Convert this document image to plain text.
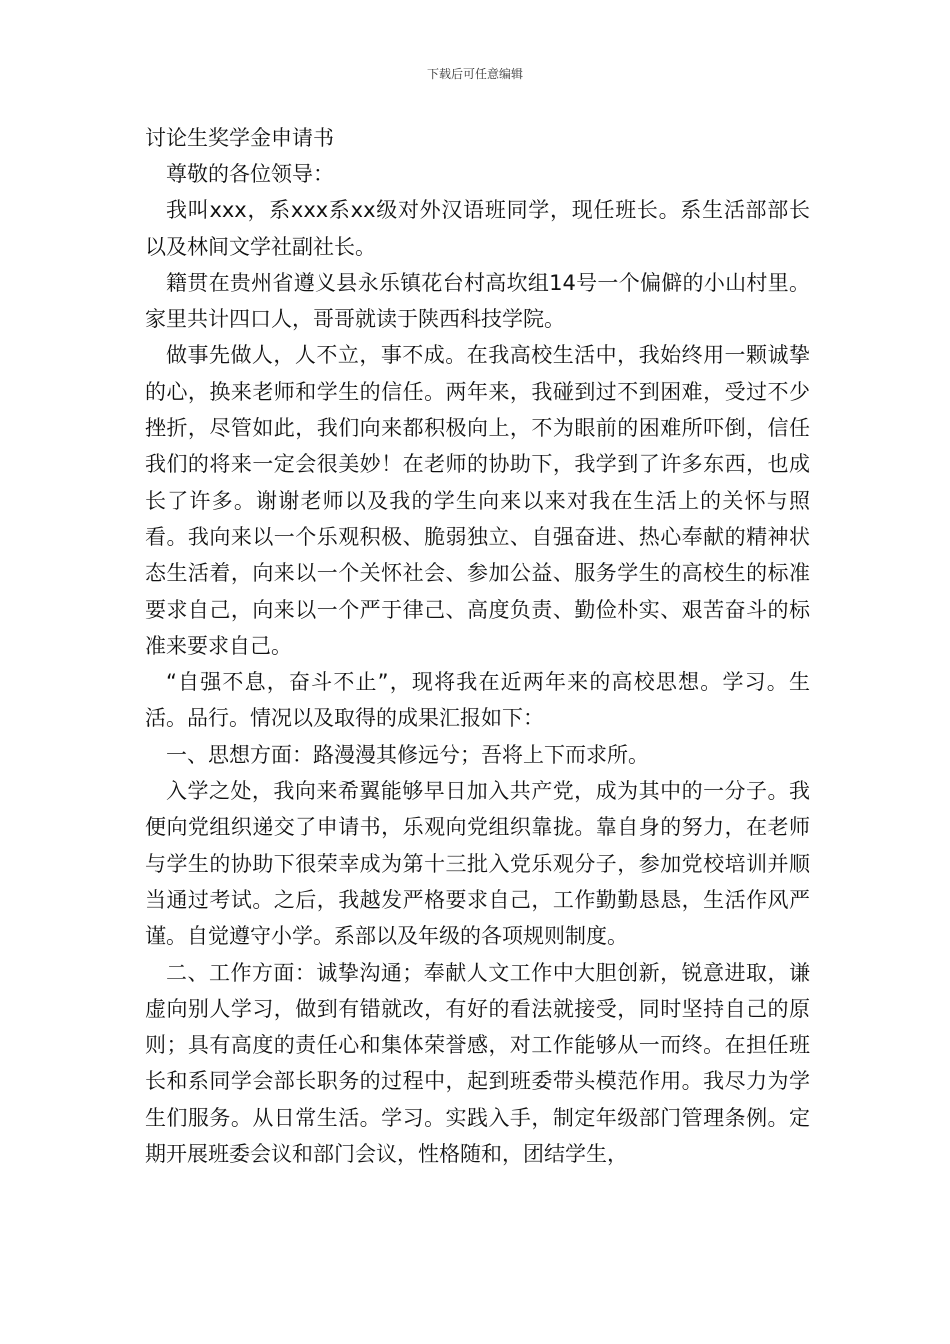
下载后可任意编辑
讨论生奖学金申请书

尊敬的各位领导：

我叫xxx，系xxx系xx级对外汉语班同学，现任班长。系生活部部长以及林间文学社副社长。

籍贯在贵州省遵义县永乐镇花台村高坎组14号一个偏僻的小山村里。家里共计四口人，哥哥就读于陕西科技学院。

做事先做人，人不立，事不成。在我高校生活中，我始终用一颗诚挚的心，换来老师和学生的信任。两年来，我碰到过不到困难，受过不少挫折，尽管如此，我们向来都积极向上，不为眼前的困难所吓倒，信任我们的将来一定会很美妙！在老师的协助下，我学到了许多东西，也成长了许多。谢谢老师以及我的学生向来以来对我在生活上的关怀与照看。我向来以一个乐观积极、脆弱独立、自强奋进、热心奉献的精神状态生活着，向来以一个关怀社会、参加公益、服务学生的高校生的标准要求自己，向来以一个严于律己、高度负责、勤俭朴实、艰苦奋斗的标准来要求自己。

“自强不息，奋斗不止”，现将我在近两年来的高校思想。学习。生活。品行。情况以及取得的成果汇报如下：

一、思想方面：路漫漫其修远兮；吾将上下而求所。

入学之处，我向来希翼能够早日加入共产党，成为其中的一分子。我便向党组织递交了申请书，乐观向党组织靠拢。靠自身的努力，在老师与学生的协助下很荣幸成为第十三批入党乐观分子，参加党校培训并顺当通过考试。之后，我越发严格要求自己，工作勤勤恳恳，生活作风严谨。自觉遵守小学。系部以及年级的各项规则制度。

二、工作方面：诚挚沟通；奉献人文工作中大胆创新，锐意进取，谦虚向别人学习，做到有错就改，有好的看法就接受，同时坚持自己的原则；具有高度的责任心和集体荣誉感，对工作能够从一而终。在担任班长和系同学会部长职务的过程中，起到班委带头模范作用。我尽力为学生们服务。从日常生活。学习。实践入手，制定年级部门管理条例。定期开展班委会议和部门会议，性格随和，团结学生，
